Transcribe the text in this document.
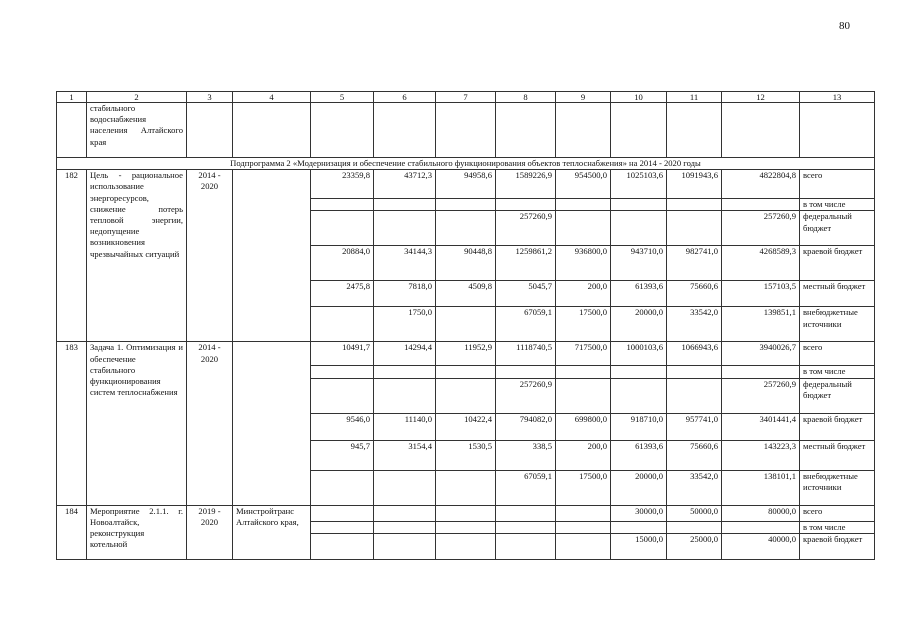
80
1	2	3	4	5	6	7	8	9	10	11	12	13
	стабильного водоснабжения населения Алтайского края											
Подпрограмма 2 «Модернизация и обеспечение стабильного функционирования объектов теплоснабжения» на 2014 - 2020 годы												
182	Цель - рациональное использование энергоресурсов, снижение потерь тепловой энергии, недопущение возникновения чрезвычайных ситуаций	2014 - 2020		23359,8	43712,3	94958,6	1589226,9	954500,0	1025103,6	1091943,6	4822804,8	всего
												в том числе
							257260,9				257260,9	федеральный бюджет
				20884,0	34144,3	90448,8	1259861,2	936800,0	943710,0	982741,0	4268589,3	краевой бюджет
				2475,8	7818,0	4509,8	5045,7	200,0	61393,6	75660,6	157103,5	местный бюджет
					1750,0		67059,1	17500,0	20000,0	33542,0	139851,1	внебюджетные источники
183	Задача 1. Оптимизация и обеспечение стабильного функционирования систем теплоснабжения	2014 - 2020		10491,7	14294,4	11952,9	1118740,5	717500,0	1000103,6	1066943,6	3940026,7	всего
												в том числе
							257260,9				257260,9	федеральный бюджет
				9546,0	11140,0	10422,4	794082,0	699800,0	918710,0	957741,0	3401441,4	краевой бюджет
				945,7	3154,4	1530,5	338,5	200,0	61393,6	75660,6	143223,3	местный бюджет
							67059,1	17500,0	20000,0	33542,0	138101,1	внебюджетные источники
184	Мероприятие 2.1.1. г. Новоалтайск, реконструкция котельной	2019 - 2020	Минстройтранс Алтайского края,						30000,0	50000,0	80000,0	всего
												в том числе
									15000,0	25000,0	40000,0	краевой бюджет
